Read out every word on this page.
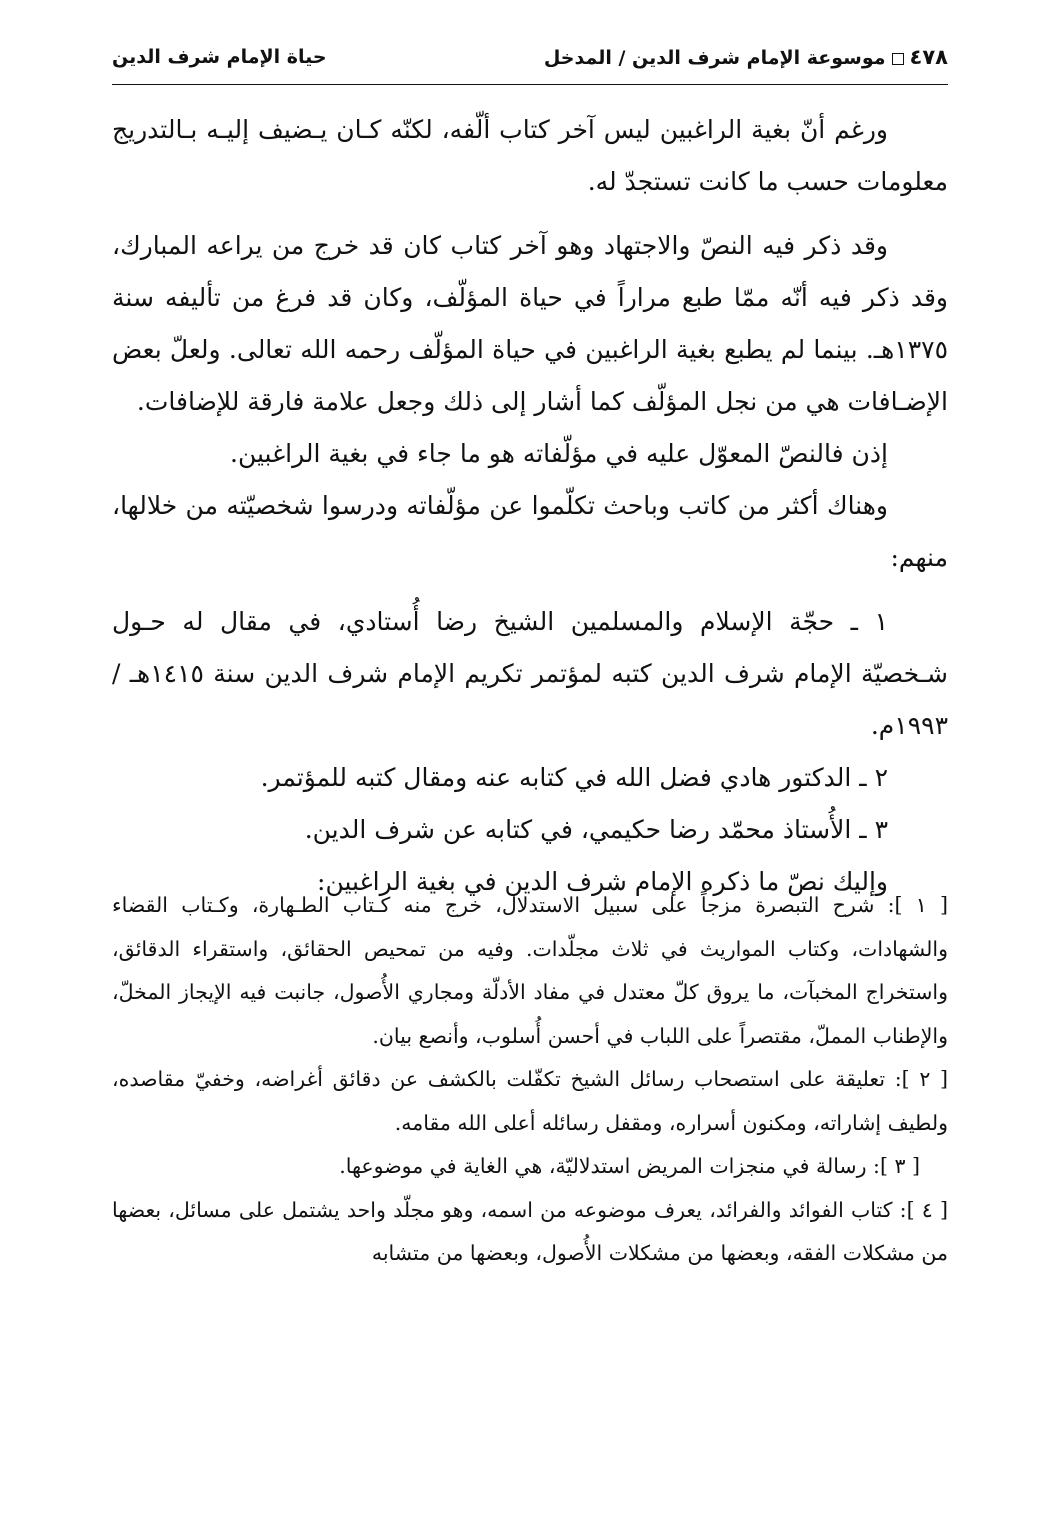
٤٧٨موسوعة الإمام شرف الدين / المدخل
حياة الإمام شرف الدين

ورغم أنّ بغية الراغبين ليس آخر كتاب ألّفه، لكنّه كـان يـضيف إليـه بـالتدريج معلومات حسب ما كانت تستجدّ له.

وقد ذكر فيه النصّ والاجتهاد وهو آخر كتاب كان قد خرج من يراعه المبارك، وقد ذكر فيه أنّه ممّا طبع مراراً في حياة المؤلّف، وكان قد فرغ من تأليفه سنة ١٣٧٥هـ. بينما لم يطبع بغية الراغبين في حياة المؤلّف رحمه الله تعالى. ولعلّ بعض الإضـافات هي من نجل المؤلّف كما أشار إلى ذلك وجعل علامة فارقة للإضافات.

إذن فالنصّ المعوّل عليه في مؤلّفاته هو ما جاء في بغية الراغبين.

وهناك أكثر من كاتب وباحث تكلّموا عن مؤلّفاته ودرسوا شخصيّته من خلالها، منهم:

١ ـ حجّة الإسلام والمسلمين الشيخ رضا أُستادي، في مقال له حـول شـخصيّة الإمام شرف الدين كتبه لمؤتمر تكريم الإمام شرف الدين سنة ١٤١٥هـ / ١٩٩٣م.

٢ ـ الدكتور هادي فضل الله في كتابه عنه ومقال كتبه للمؤتمر.

٣ ـ الأُستاذ محمّد رضا حكيمي، في كتابه عن شرف الدين.

وإليك نصّ ما ذكره الإمام شرف الدين في بغية الراغبين:

[ ١ ]: شرح التبصرة مزجاً على سبيل الاستدلال، خرج منه كـتاب الطـهارة، وكـتاب القضاء والشهادات، وكتاب المواريث في ثلاث مجلّدات. وفيه من تمحيص الحقائق، واستقراء الدقائق، واستخراج المخبآت، ما يروق كلّ معتدل في مفاد الأدلّة ومجاري الأُصول، جانبت فيه الإيجاز المخلّ، والإطناب المملّ، مقتصراً على اللباب في أحسن أُسلوب، وأنصع بيان.

[ ٢ ]: تعليقة على استصحاب رسائل الشيخ تكفّلت بالكشف عن دقائق أغراضه، وخفيّ مقاصده، ولطيف إشاراته، ومكنون أسراره، ومقفل رسائله أعلى الله مقامه.

[ ٣ ]: رسالة في منجزات المريض استدلاليّة، هي الغاية في موضوعها.

[ ٤ ]: كتاب الفوائد والفرائد، يعرف موضوعه من اسمه، وهو مجلّد واحد يشتمل على مسائل، بعضها من مشكلات الفقه، وبعضها من مشكلات الأُصول، وبعضها من متشابه
